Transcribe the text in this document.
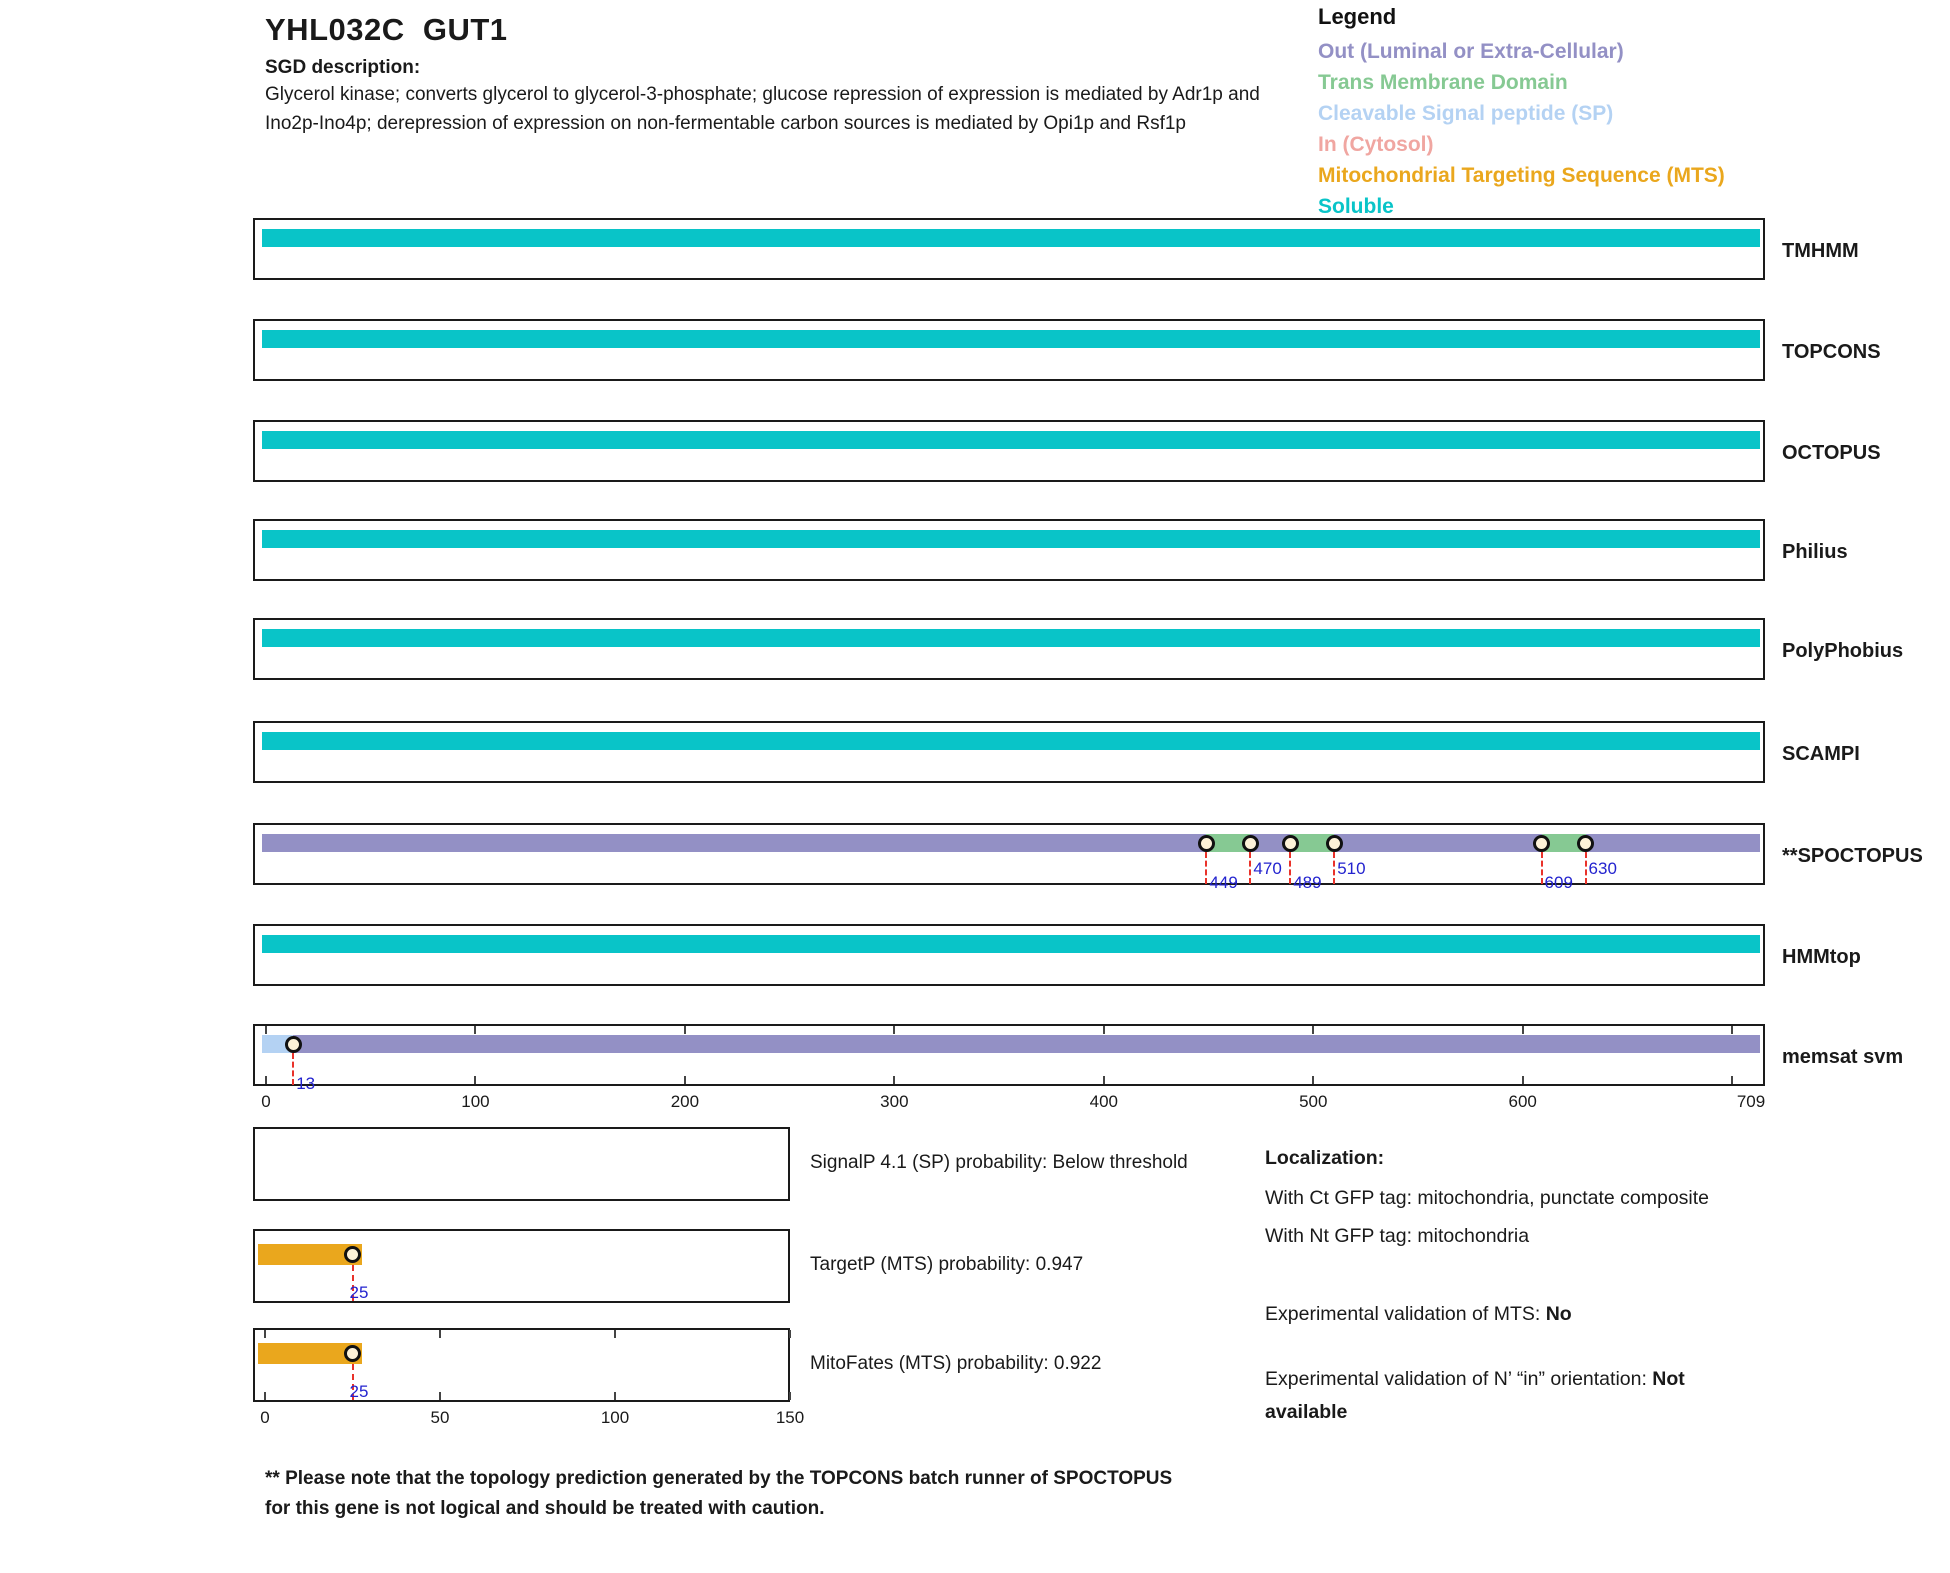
YHL032C  GUT1
SGD description:
Glycerol kinase; converts glycerol to glycerol-3-phosphate; glucose repression of expression is mediated by Adr1p and Ino2p-Ino4p; derepression of expression on non-fermentable carbon sources is mediated by Opi1p and Rsf1p
Legend
Out (Luminal or Extra-Cellular)
Trans Membrane Domain
Cleavable Signal peptide (SP)
In (Cytosol)
Mitochondrial Targeting Sequence (MTS)
Soluble
TMHMM
TOPCONS
OCTOPUS
Philius
PolyPhobius
SCAMPI
449
470
489
510
609
630
**SPOCTOPUS
HMMtop
13
memsat svm
0	100	200	300	400	500	600	709
SignalP 4.1 (SP) probability: Below threshold
25
TargetP (MTS) probability: 0.947
25
MitoFates (MTS) probability: 0.922
0	50	100	150
Localization:
With Ct GFP tag: mitochondria, punctate composite
With Nt GFP tag: mitochondria
Experimental validation of MTS: No
Experimental validation of N’ “in” orientation: Not available
** Please note that the topology prediction generated by the TOPCONS batch runner of SPOCTOPUS for this gene is not logical and should be treated with caution.
